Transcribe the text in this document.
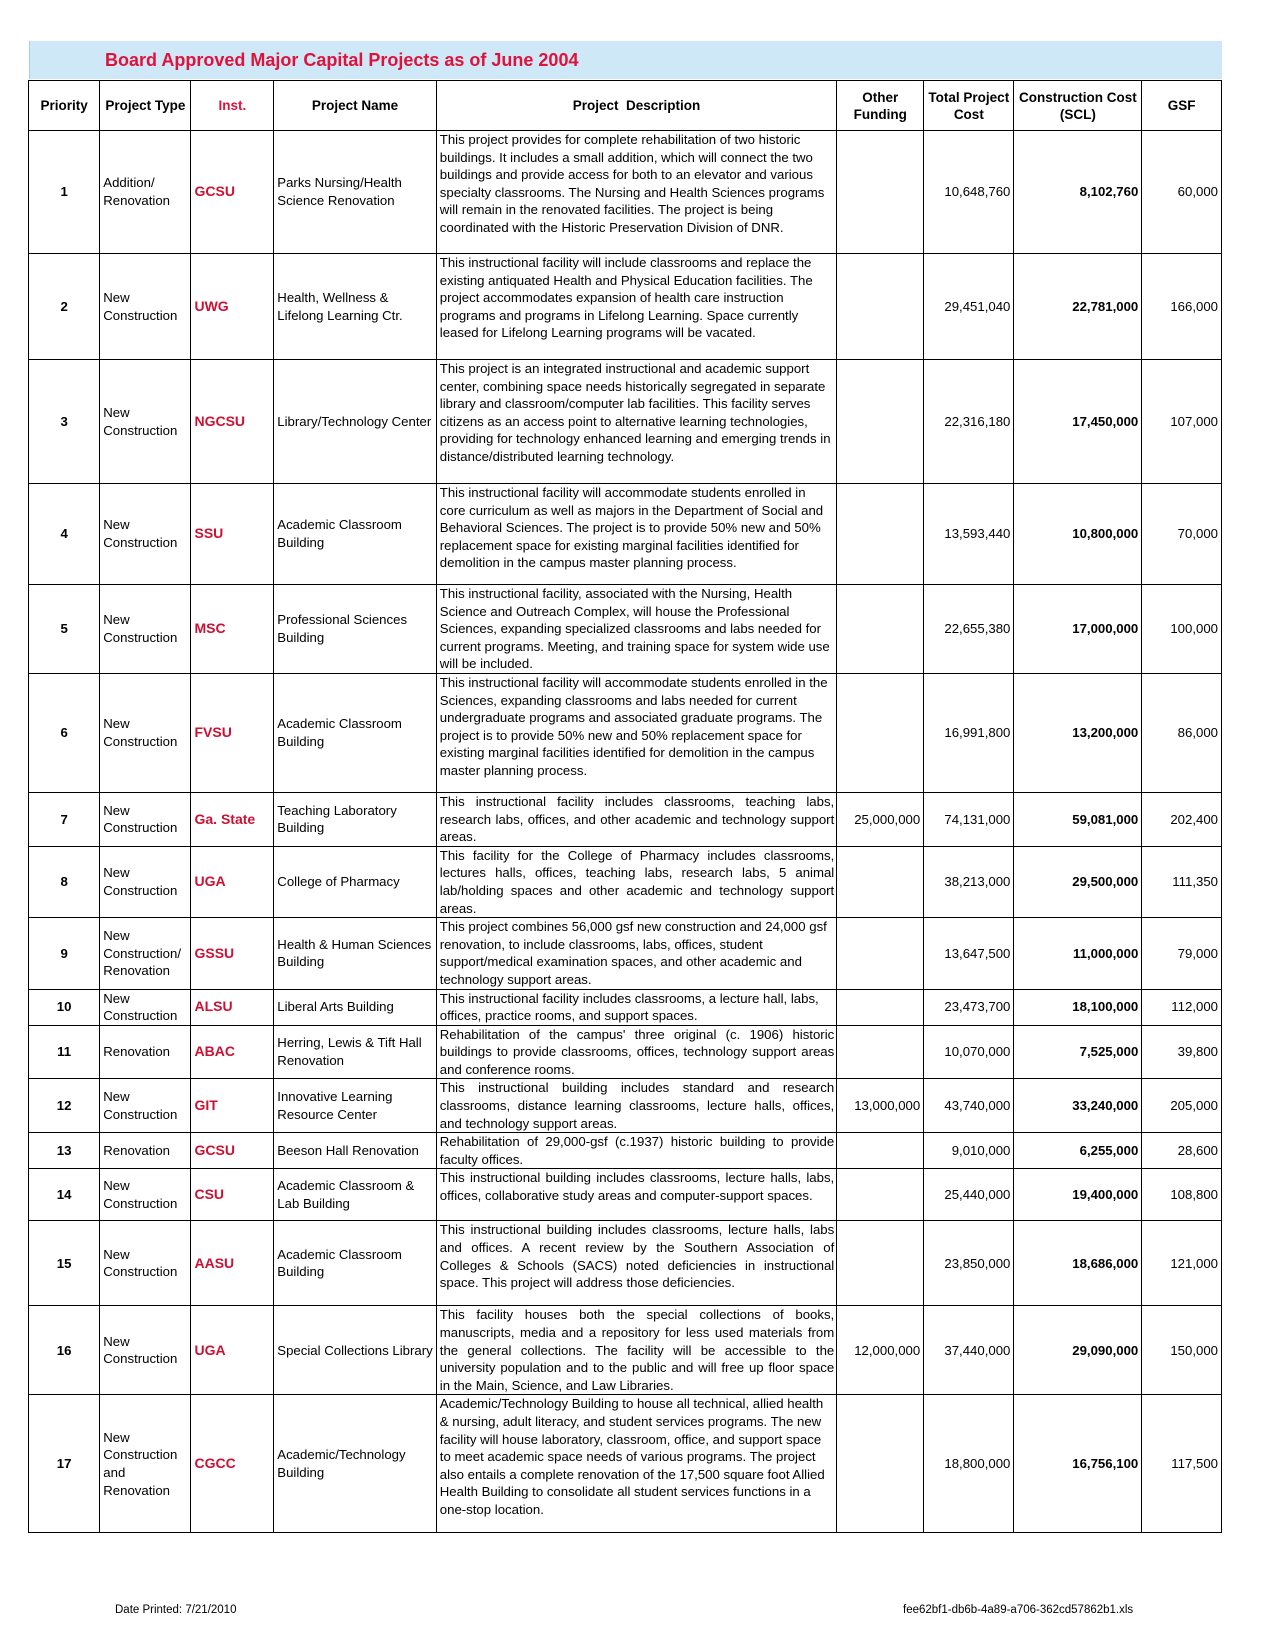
Board Approved Major Capital Projects as of June 2004
Priority	Project Type	Inst.	Project Name	Project  Description	Other Funding	Total Project Cost	Construction Cost (SCL)	GSF
1	Addition/ Renovation	GCSU	Parks Nursing/Health Science Renovation	This project provides for complete rehabilitation of two historic buildings. It includes a small addition, which will connect the two buildings and provide access for both to an elevator and various specialty classrooms. The Nursing and Health Sciences programs will remain in the renovated facilities. The project is being coordinated with the Historic Preservation Division of DNR.		10,648,760	8,102,760	60,000
2	New Construction	UWG	Health, Wellness & Lifelong Learning Ctr.	This instructional facility will include classrooms and replace the existing antiquated Health and Physical Education facilities. The project accommodates expansion of health care instruction programs and programs in Lifelong Learning. Space currently leased for Lifelong Learning programs will be vacated.		29,451,040	22,781,000	166,000
3	New Construction	NGCSU	Library/Technology Center	This project is an integrated instructional and academic support center, combining space needs historically segregated in separate library and classroom/computer lab facilities. This facility serves citizens as an access point to alternative learning technologies, providing for technology enhanced learning and emerging trends in distance/distributed learning technology.		22,316,180	17,450,000	107,000
4	New Construction	SSU	Academic Classroom Building	This instructional facility will accommodate students enrolled in core curriculum as well as majors in the Department of Social and Behavioral Sciences. The project is to provide 50% new and 50% replacement space for existing marginal facilities identified for demolition in the campus master planning process.		13,593,440	10,800,000	70,000
5	New Construction	MSC	Professional Sciences Building	This instructional facility, associated with the Nursing, Health Science and Outreach Complex, will house the Professional Sciences, expanding specialized classrooms and labs needed for current programs. Meeting, and training space for system wide use will be included.		22,655,380	17,000,000	100,000
6	New Construction	FVSU	Academic Classroom Building	This instructional facility will accommodate students enrolled in the Sciences, expanding classrooms and labs needed for current undergraduate programs and associated graduate programs. The project is to provide 50% new and 50% replacement space for existing marginal facilities identified for demolition in the campus master planning process.		16,991,800	13,200,000	86,000
7	New Construction	Ga. State	Teaching Laboratory Building	This instructional facility includes classrooms, teaching labs, research labs, offices, and other academic and technology support areas.	25,000,000	74,131,000	59,081,000	202,400
8	New Construction	UGA	College of Pharmacy	This facility for the College of Pharmacy includes classrooms, lectures halls, offices, teaching labs, research labs, 5 animal lab/holding spaces and other academic and technology support areas.		38,213,000	29,500,000	111,350
9	New Construction/ Renovation	GSSU	Health & Human Sciences Building	This project combines 56,000 gsf new construction and 24,000 gsf renovation, to include classrooms, labs, offices, student support/medical examination spaces, and other academic and technology support areas.		13,647,500	11,000,000	79,000
10	New Construction	ALSU	Liberal Arts Building	This instructional facility includes classrooms, a lecture hall, labs, offices, practice rooms, and support spaces.		23,473,700	18,100,000	112,000
11	Renovation	ABAC	Herring, Lewis & Tift Hall Renovation	Rehabilitation of the campus' three original (c. 1906) historic buildings to provide classrooms, offices, technology support areas and conference rooms.		10,070,000	7,525,000	39,800
12	New Construction	GIT	Innovative Learning Resource Center	This instructional building includes standard and research classrooms, distance learning classrooms, lecture halls, offices, and technology support areas.	13,000,000	43,740,000	33,240,000	205,000
13	Renovation	GCSU	Beeson Hall Renovation	Rehabilitation of 29,000-gsf (c.1937) historic building to provide faculty offices.		9,010,000	6,255,000	28,600
14	New Construction	CSU	Academic Classroom & Lab Building	This instructional building includes classrooms, lecture halls, labs, offices, collaborative study areas and computer-support spaces.		25,440,000	19,400,000	108,800
15	New Construction	AASU	Academic Classroom Building	This instructional building includes classrooms, lecture halls, labs and offices. A recent review by the Southern Association of Colleges & Schools (SACS) noted deficiencies in instructional space. This project will address those deficiencies.		23,850,000	18,686,000	121,000
16	New Construction	UGA	Special Collections Library	This facility houses both the special collections of books, manuscripts, media and a repository for less used materials from the general collections. The facility will be accessible to the university population and to the public and will free up floor space in the Main, Science, and Law Libraries.	12,000,000	37,440,000	29,090,000	150,000
17	New Construction and Renovation	CGCC	Academic/Technology Building	Academic/Technology Building to house all technical, allied health & nursing, adult literacy, and student services programs. The new facility will house laboratory, classroom, office, and support space to meet academic space needs of various programs. The project also entails a complete renovation of the 17,500 square foot Allied Health Building to consolidate all student services functions in a one-stop location.		18,800,000	16,756,100	117,500
Date Printed: 7/21/2010	fee62bf1-db6b-4a89-a706-362cd57862b1.xls
